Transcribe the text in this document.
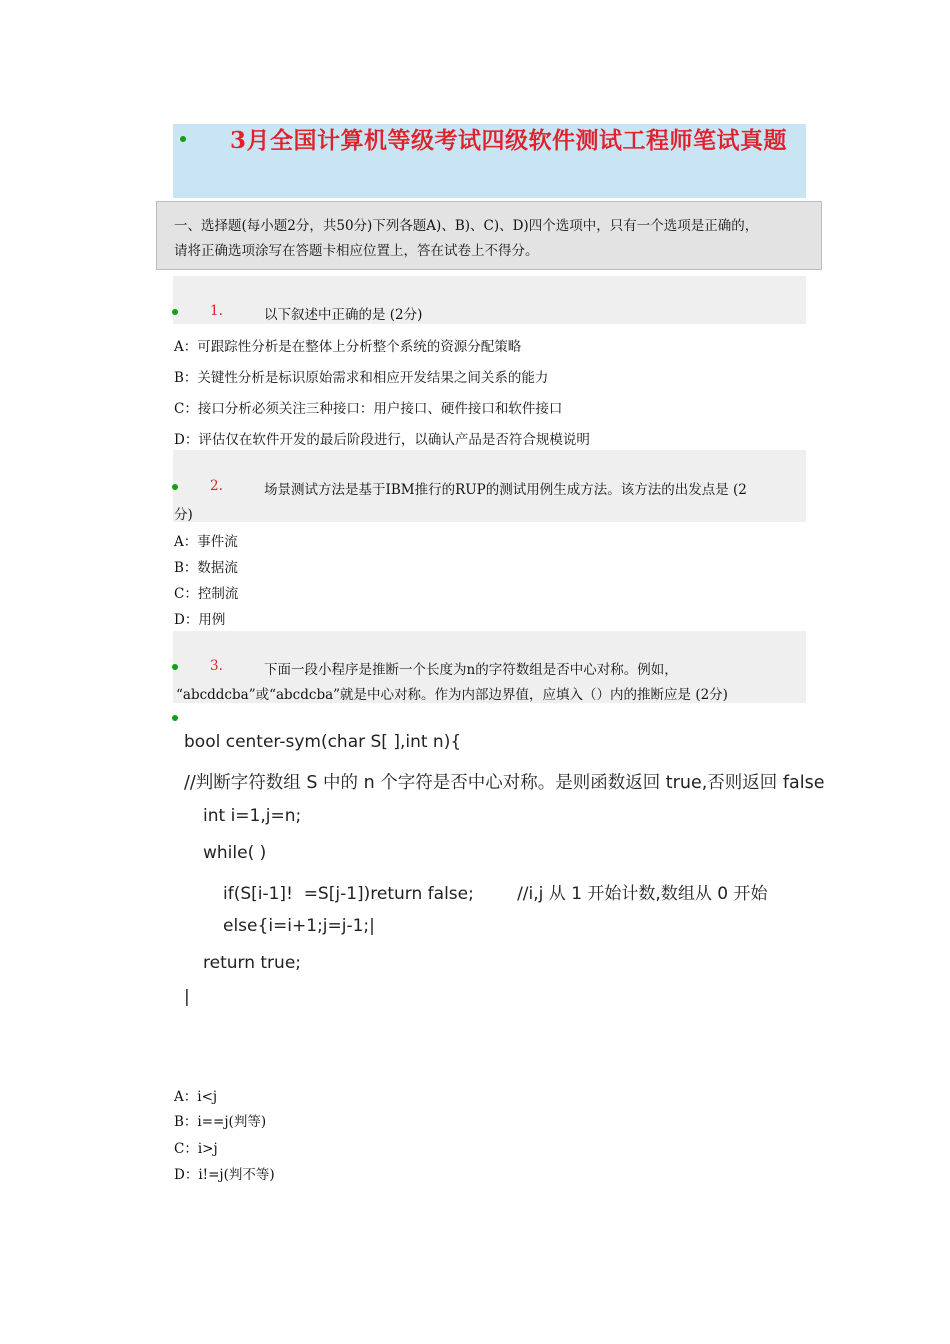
3月全国计算机等级考试四级软件测试工程师笔试真题
一、选择题(每小题2分，共50分)下列各题A)、B)、C)、D)四个选项中，只有一个选项是正确的，
请将正确选项涂写在答题卡相应位置上，答在试卷上不得分。
1.	以下叙述中正确的是 (2分)
A：可跟踪性分析是在整体上分析整个系统的资源分配策略
B：关键性分析是标识原始需求和相应开发结果之间关系的能力
C：接口分析必须关注三种接口：用户接口、硬件接口和软件接口
D：评估仅在软件开发的最后阶段进行，以确认产品是否符合规模说明
2.	场景测试方法是基于IBM推行的RUP的测试用例生成方法。该方法的出发点是 (2
分)
A：事件流
B：数据流
C：控制流
D：用例
3.	下面一段小程序是推断一个长度为n的字符数组是否中心对称。例如，
“abcddcba”或“abcdcba”就是中心对称。作为内部边界值，应填入（）内的推断应是 (2分)
bool center-sym(char S[ ],int n){
//判断字符数组 S 中的 n 个字符是否中心对称。是则函数返回 true,否则返回 false
int i=1,j=n;
while( )
if(S[i-1]!  =S[j-1])return false;        //i,j 从 1 开始计数,数组从 0 开始
else{i=i+1;j=j-1;|
return true;
|
A：i<j
B：i==j(判等)
C：i>j
D：i!=j(判不等)
